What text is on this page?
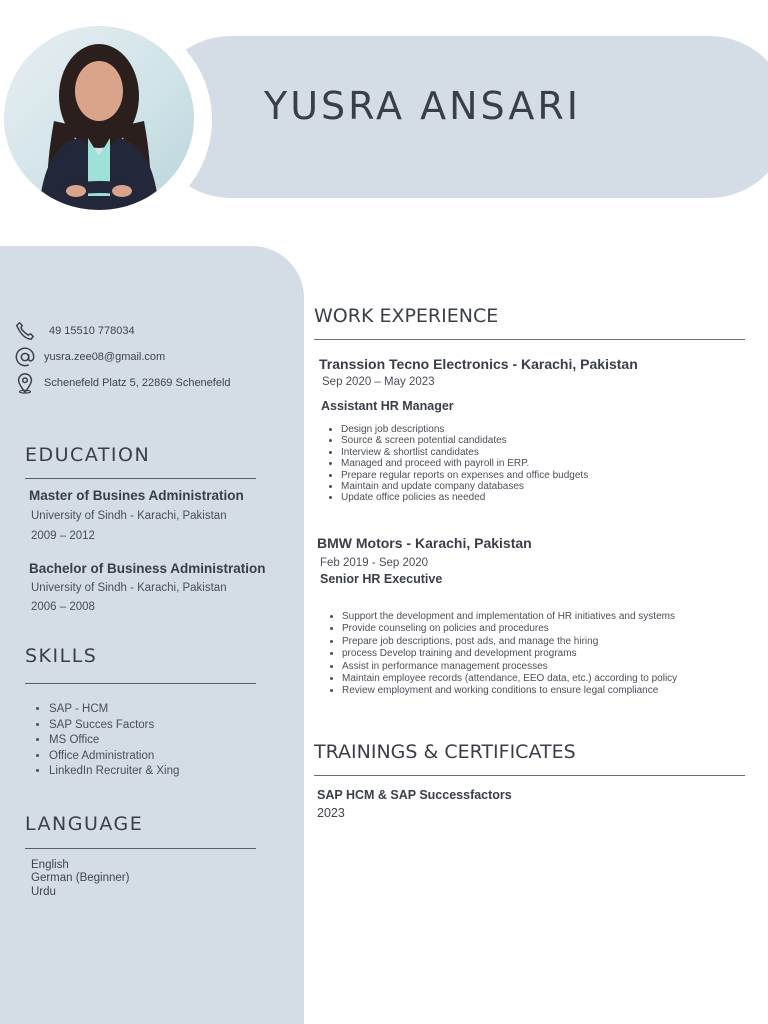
YUSRA ANSARI
49 15510 778034
yusra.zee08@gmail.com
Schenefeld Platz 5, 22869 Schenefeld
EDUCATION
Master of Busines Administration
University of Sindh - Karachi, Pakistan
2009 – 2012
Bachelor of Business Administration
University of Sindh - Karachi, Pakistan
2006 – 2008
SKILLS
• SAP - HCM
• SAP Succes Factors
• MS Office
• Office Administration
• LinkedIn Recruiter & Xing
LANGUAGE
English
German (Beginner)
Urdu
WORK EXPERIENCE
Transsion Tecno Electronics - Karachi, Pakistan
Sep 2020 – May 2023
Assistant HR Manager
• Design job descriptions
• Source & screen potential candidates
• Interview & shortlist candidates
• Managed and proceed with payroll in ERP.
• Prepare regular reports on expenses and office budgets
• Maintain and update company databases
• Update office policies as needed
BMW Motors - Karachi, Pakistan
Feb 2019 - Sep 2020
Senior HR Executive
• Support the development and implementation of HR initiatives and systems
• Provide counseling on policies and procedures
• Prepare job descriptions, post ads, and manage the hiring
• process Develop training and development programs
• Assist in performance management processes
• Maintain employee records (attendance, EEO data, etc.) according to policy
• Review employment and working conditions to ensure legal compliance
TRAININGS & CERTIFICATES
SAP HCM & SAP Successfactors
2023
